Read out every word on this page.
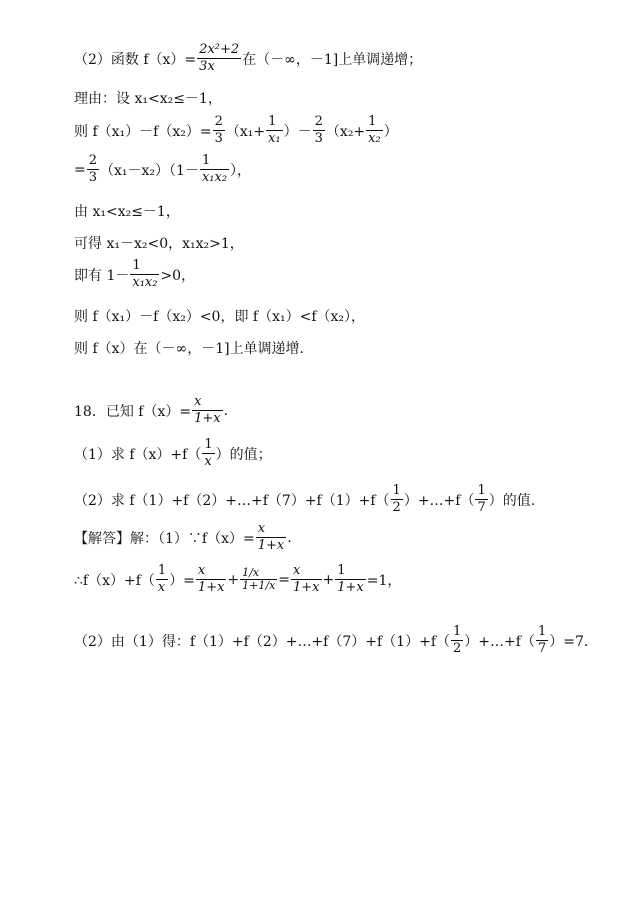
（2）函数 $f(x)= \frac{\text{2x²+2}}{3x}$ 在（－∞，－1]上单调递增；
理由：设 x₁<x₂≤－1，
则 $f(x_1)-f(x_2)= \frac{2}{3} (x_1+ \frac{1}{\text{x₁}}$ ）－ $\frac{2}{3} (x_2+ \frac{1}{\text{x₂}}$ ）
= $\frac{2}{3} (x_1-x_2)(1- \frac{1}{\text{x₁x₂}}$ ），
由 x₁<x₂≤－1，
可得 x₁－x₂<0，x₁x₂>1，
即有 $1- \frac{1}{\text{x₁x₂}} >0$，
则 f（x₁）－f（x₂）<0，即 f（x₁）<f（x₂），
则 f（x）在（－∞，－1]上单调递增.
18．已知 $f(x)= \frac{x}{1+x}$ .
（1）求 $f(x)+f( \frac{1}{x}$ ）的值；
（2）求 f（1）+f（2）+…+f（7）+f（1）+f（ $\frac{1}{2}$ ）+…+f（ $\frac{1}{7}$ ）的值.
【解答】解：（1）∵f（x）= $\frac{x}{1+x}$ .
∴f（x）+f（ $\frac{1}{x}$ ）= $\frac{x}{1+x} + \frac{1/x}{1+1/x} = \frac{x}{1+x} + \frac{1}{1+x} =1$，
（2）由（1）得：f（1）+f（2）+…+f（7）+f（1）+f（ $\frac{1}{2}$ ）+…+f（ $\frac{1}{7} )=7$.
